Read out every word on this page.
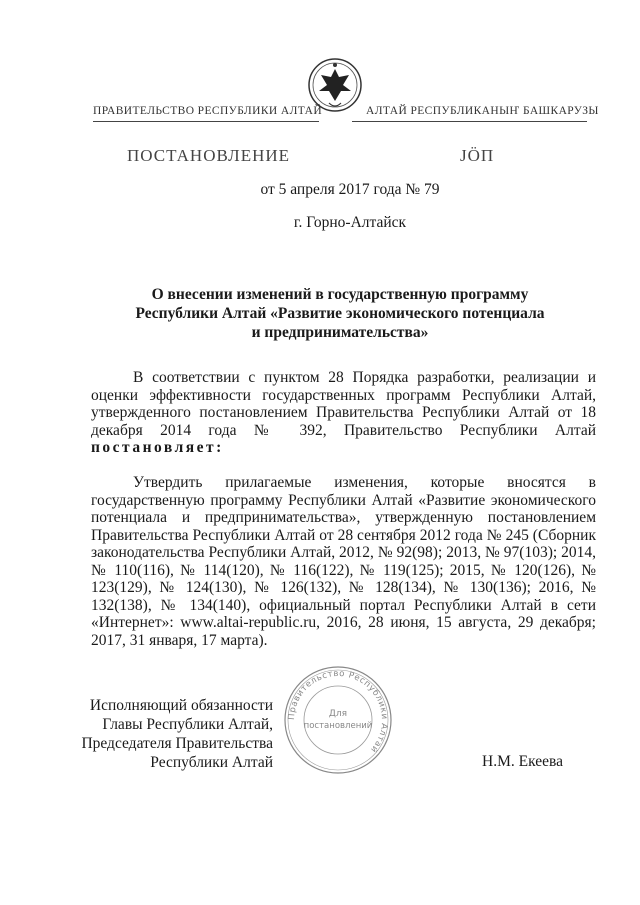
ПРАВИТЕЛЬСТВО РЕСПУБЛИКИ АЛТАЙ	АЛТАЙ РЕСПУБЛИКАНЫҤ БАШКАРУЗЫ
ПОСТАНОВЛЕНИЕ	ЈӦП
от 5 апреля 2017 года № 79
г. Горно-Алтайск
О внесении изменений в государственную программу
Республики Алтай «Развитие экономического потенциала
и предпринимательства»
В соответствии с пунктом 28 Порядка разработки, реализации и оценки эффективности государственных программ Республики Алтай, утвержденного постановлением Правительства Республики Алтай от 18 декабря 2014 года № 392, Правительство Республики Алтай постановляет:
Утвердить прилагаемые изменения, которые вносятся в государственную программу Республики Алтай «Развитие экономического потенциала и предпринимательства», утвержденную постановлением Правительства Республики Алтай от 28 сентября 2012 года № 245 (Сборник законодательства Республики Алтай, 2012, № 92(98); 2013, № 97(103); 2014, № 110(116), № 114(120), № 116(122), № 119(125); 2015, № 120(126), № 123(129), № 124(130), № 126(132), № 128(134), № 130(136); 2016, № 132(138), № 134(140), официальный портал Республики Алтай в сети «Интернет»: www.altai-republic.ru, 2016, 28 июня, 15 августа, 29 декабря; 2017, 31 января, 17 марта).
Исполняющий обязанности
Главы Республики Алтай,
Председателя Правительства
Республики Алтай	Н.М. Екеева
Правительство Республики Алтай
Для
постановлений
